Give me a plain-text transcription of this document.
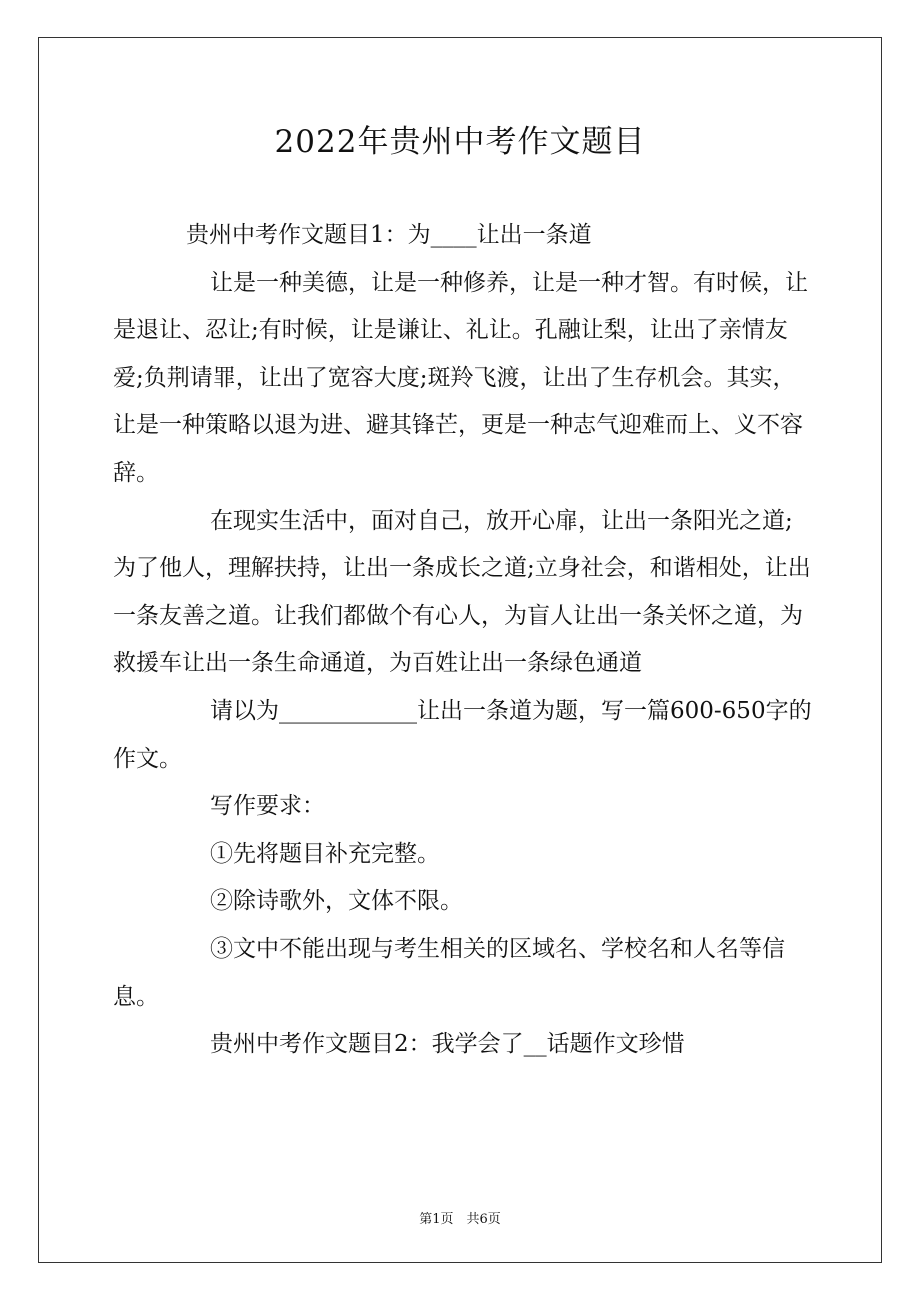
2022年贵州中考作文题目

贵州中考作文题目1：为____让出一条道

让是一种美德，让是一种修养，让是一种才智。有时候，让是退让、忍让;有时候，让是谦让、礼让。孔融让梨，让出了亲情友爱;负荆请罪，让出了宽容大度;斑羚飞渡，让出了生存机会。其实，让是一种策略以退为进、避其锋芒，更是一种志气迎难而上、义不容辞。

在现实生活中，面对自己，放开心扉，让出一条阳光之道;为了他人，理解扶持，让出一条成长之道;立身社会，和谐相处，让出一条友善之道。让我们都做个有心人，为盲人让出一条关怀之道，为救援车让出一条生命通道，为百姓让出一条绿色通道

请以为____________让出一条道为题，写一篇600-650字的作文。

写作要求：

①先将题目补充完整。

②除诗歌外，文体不限。

③文中不能出现与考生相关的区域名、学校名和人名等信息。

贵州中考作文题目2：我学会了__话题作文珍惜

第1页　共6页
